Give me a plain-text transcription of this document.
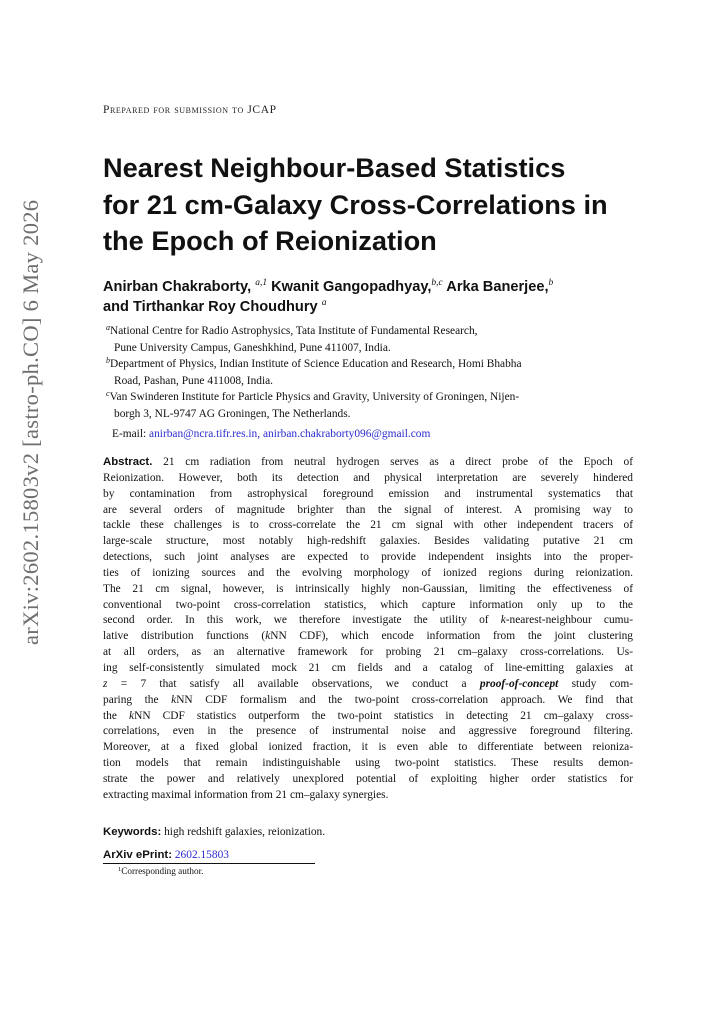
arXiv:2602.15803v2 [astro-ph.CO] 6 May 2026
Prepared for submission to JCAP
Nearest Neighbour-Based Statistics
for 21 cm-Galaxy Cross-Correlations in
the Epoch of Reionization
Anirban Chakraborty, $^{a,1}$ Kwanit Gangopadhyay,$^{b,c}$ Arka Banerjee,$^b$
and Tirthankar Roy Choudhury $^a$
$^a$National Centre for Radio Astrophysics, Tata Institute of Fundamental Research,
Pune University Campus, Ganeshkhind, Pune 411007, India.
$^b$Department of Physics, Indian Institute of Science Education and Research, Homi Bhabha
Road, Pashan, Pune 411008, India.
$^c$Van Swinderen Institute for Particle Physics and Gravity, University of Groningen, Nijen-
borgh 3, NL-9747 AG Groningen, The Netherlands.
E-mail: anirban@ncra.tifr.res.in, anirban.chakraborty096@gmail.com
Abstract. 21 cm radiation from neutral hydrogen serves as a direct probe of the Epoch of
Reionization. However, both its detection and physical interpretation are severely hindered
by contamination from astrophysical foreground emission and instrumental systematics that
are several orders of magnitude brighter than the signal of interest. A promising way to
tackle these challenges is to cross-correlate the 21 cm signal with other independent tracers of
large-scale structure, most notably high-redshift galaxies. Besides validating putative 21 cm
detections, such joint analyses are expected to provide independent insights into the proper-
ties of ionizing sources and the evolving morphology of ionized regions during reionization.
The 21 cm signal, however, is intrinsically highly non-Gaussian, limiting the effectiveness of
conventional two-point cross-correlation statistics, which capture information only up to the
second order. In this work, we therefore investigate the utility of k-nearest-neighbour cumu-
lative distribution functions (kNN CDF), which encode information from the joint clustering
at all orders, as an alternative framework for probing 21 cm–galaxy cross-correlations. Us-
ing self-consistently simulated mock 21 cm fields and a catalog of line-emitting galaxies at
z = 7 that satisfy all available observations, we conduct a proof-of-concept study com-
paring the kNN CDF formalism and the two-point cross-correlation approach. We find that
the kNN CDF statistics outperform the two-point statistics in detecting 21 cm–galaxy cross-
correlations, even in the presence of instrumental noise and aggressive foreground filtering.
Moreover, at a fixed global ionized fraction, it is even able to differentiate between reioniza-
tion models that remain indistinguishable using two-point statistics. These results demon-
strate the power and relatively unexplored potential of exploiting higher order statistics for
extracting maximal information from 21 cm–galaxy synergies.
Keywords: high redshift galaxies, reionization.
ArXiv ePrint: 2602.15803
$^1$Corresponding author.
